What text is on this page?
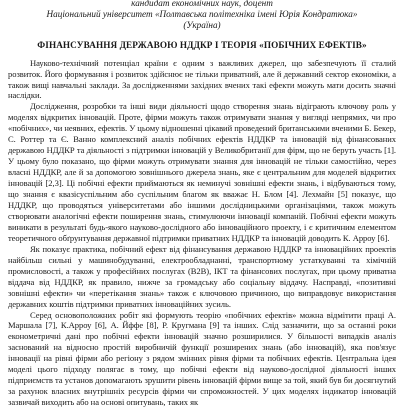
кандидат економічних наук, доцент
Національний університет «Полтавська політехніка імені Юрія Кондратюка»
(Україна)
ФІНАНСУВАННЯ ДЕРЖАВОЮ НДДКР І ТЕОРІЯ «ПОБІЧНИХ ЕФЕКТІВ»

Науково-технічний потенціал країни є одним з важливих джерел, що забезпечують її сталий розвиток. Його формування і розвиток здійснює не тільки приватний, але й державний сектор економіки, а також вищі навчальні заклади. За дослідженнями західних вчених такі ефекти можуть мати досить значні наслідки.

Дослідження, розробки та інші види діяльності щодо створення знань відіграють ключову роль у моделях відкритих інновацій. Проте, фірми можуть також отримувати знання у вигляді непрямих, чи про «побічних», чи неявних, ефектів. У цьому відношенні цікавий проведений британськими вченими Б. Бекер, С. Роттер та Є. Ванно комплексний аналіз побічних ефектів НДДКР та інновацій від фінансованих державою НДДКР та діяльності з підтримки інновацій у Великобританії для фірм, що не беруть участь [1]. У цьому було показано, що фірми можуть отримувати знання для інновацій не тільки самостійно, через власні НДДКР, але й за допомогою зовнішнього джерела знань, яке є центральним для моделей відкритих інновацій [2,3]. Ці побічні ефекти приймаються як неминучі зовнішні ефекти знань, і відбуваються тому, що знання є квазісуспільним або суспільним благом як вважає Н. Блом [4]. Лехмайн [5] показує, що НДДКР, що проводяться університетами або іншими дослідницькими організаціями, також можуть створювати аналогічні ефекти поширення знань, стимулюючи інновації компаній. Побічні ефекти можуть виникати в результаті будь-якого науково-дослідного або інноваційного проекту, і є критичним елементом теоретичного обґрунтування державної підтримки приватних НДДКР та інновацій доводить К. Арроу [6].

Як показує практика, побічний ефект від фінансування державою НДДКР та інноваційних проектів найбільш сильні у машинобудуванні, електрообладнанні, транспортному устаткуванні та хімічній промисловості, а також у професійних послугах (В2В), ІКТ та фінансових послугах, при цьому приватна віддача від НДДКР, як правило, нижче за громадську або соціальну віддачу. Насправді, «позитивні зовнішні ефекти» чи «перетікання знань» також є ключовою причиною, що виправдовує використання державних коштів підтримки приватних інноваційних зусиль.

Серед основоположних робіт які формують теорію «побічних ефектів» можна відмітити праці А. Маршала [7], К.Арроу [6], А. Йффе [8], Р. Кругмана [9] та інших. Слід зазначити, що за останні роки економетричні дані про побічні ефекти інновацій значно розширилися. У більшості випадків аналіз заснований на відносно простій виробничій функції розширених знань (або інновацій), яка пов'язує інновації на рівні фірми або регіону з рядом змінних рівня фірми та побічних ефектів. Центральна ідея моделі цього підходу полягає в тому, що побічні ефекти від науково-дослідної діяльності інших підприємств та установ допомагають зрушити рівень інновацій фірми вище за той, який був би досягнутий за рахунок власних внутрішніх ресурсів фірми чи спроможностей. У цих моделях індикатор інновацій зазвичай виходить або на основі опитувань, таких як
